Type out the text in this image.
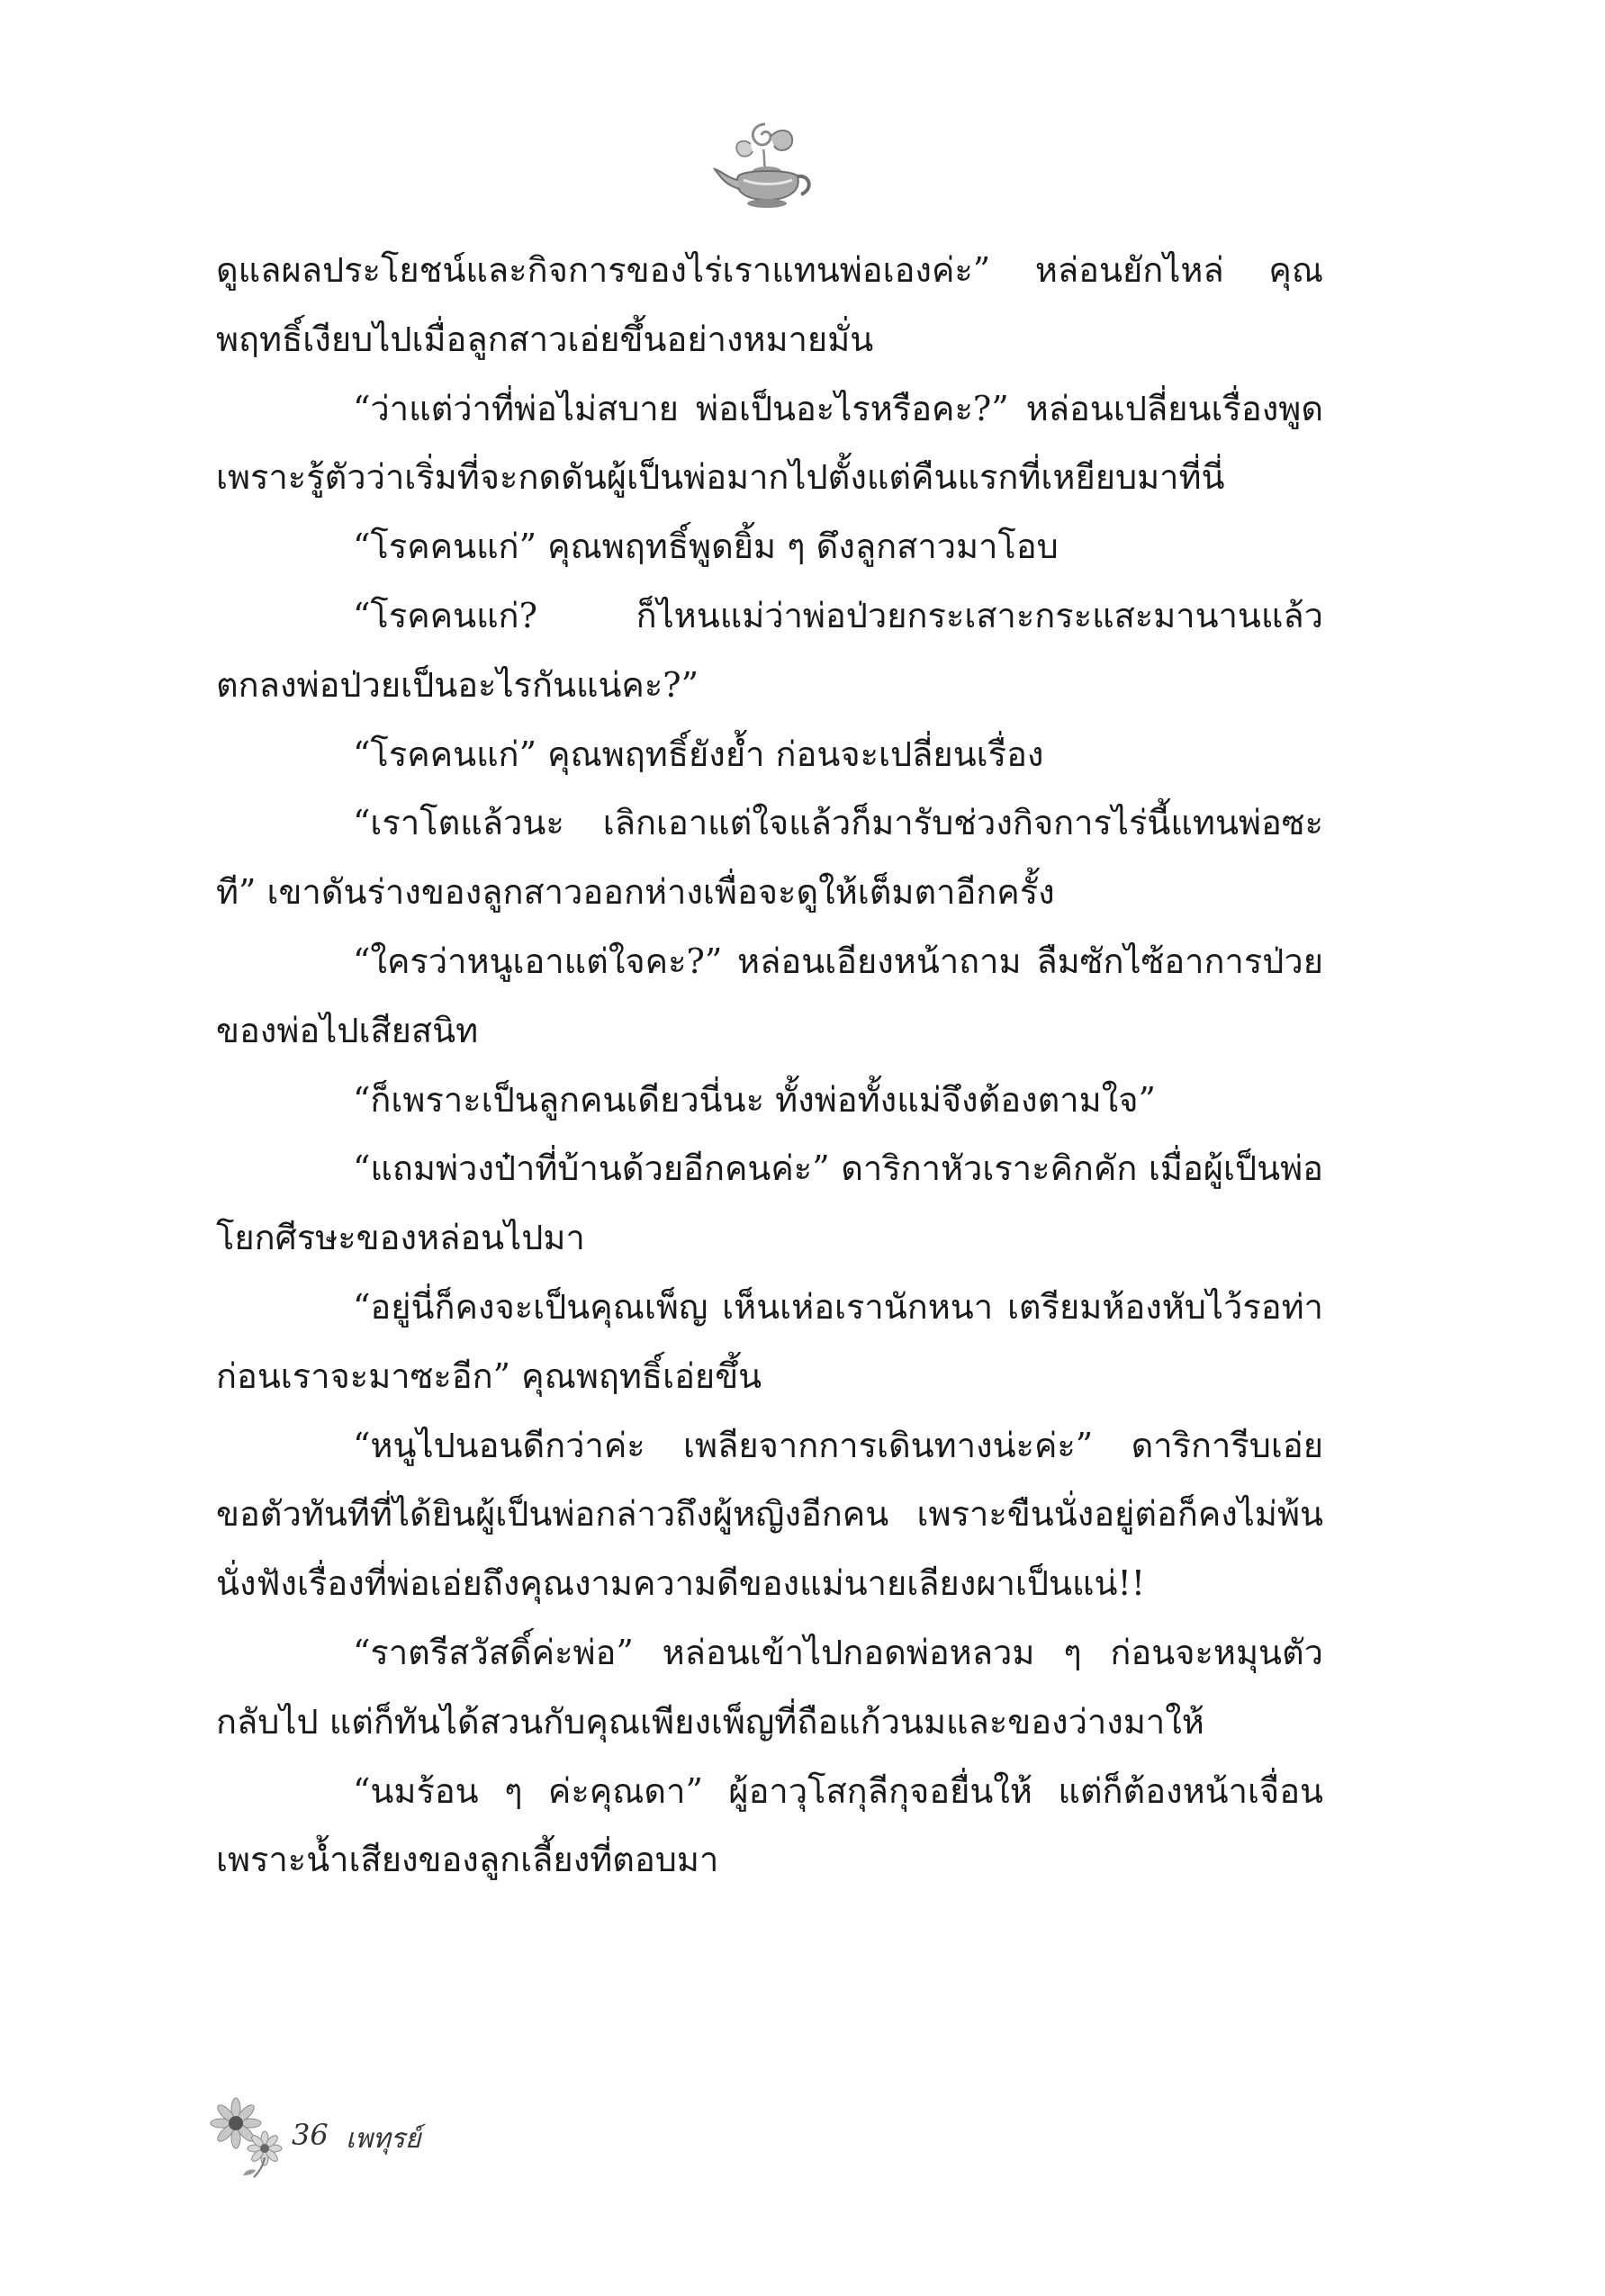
ดูแลผลประโยชน์และกิจการของไร่เราแทนพ่อเองค่ะ” หล่อนยักไหล่ คุณพฤทธิ์เงียบไปเมื่อลูกสาวเอ่ยขึ้นอย่างหมายมั่น

“ว่าแต่ว่าที่พ่อไม่สบาย พ่อเป็นอะไรหรือคะ?” หล่อนเปลี่ยนเรื่องพูดเพราะรู้ตัวว่าเริ่มที่จะกดดันผู้เป็นพ่อมากไปตั้งแต่คืนแรกที่เหยียบมาที่นี่

“โรคคนแก่” คุณพฤทธิ์พูดยิ้ม ๆ ดึงลูกสาวมาโอบ

“โรคคนแก่? ก็ไหนแม่ว่าพ่อป่วยกระเสาะกระแสะมานานแล้ว ตกลงพ่อป่วยเป็นอะไรกันแน่คะ?”

“โรคคนแก่” คุณพฤทธิ์ยังย้ำ ก่อนจะเปลี่ยนเรื่อง

“เราโตแล้วนะ เลิกเอาแต่ใจแล้วก็มารับช่วงกิจการไร่นี้แทนพ่อซะที” เขาดันร่างของลูกสาวออกห่างเพื่อจะดูให้เต็มตาอีกครั้ง

“ใครว่าหนูเอาแต่ใจคะ?” หล่อนเอียงหน้าถาม ลืมซักไซ้อาการป่วยของพ่อไปเสียสนิท

“ก็เพราะเป็นลูกคนเดียวนี่นะ ทั้งพ่อทั้งแม่จึงต้องตามใจ”

“แถมพ่วงป๋าที่บ้านด้วยอีกคนค่ะ” ดาริกาหัวเราะคิกคัก เมื่อผู้เป็นพ่อโยกศีรษะของหล่อนไปมา

“อยู่นี่ก็คงจะเป็นคุณเพ็ญ เห็นเห่อเรานักหนา เตรียมห้องหับไว้รอท่าก่อนเราจะมาซะอีก” คุณพฤทธิ์เอ่ยขึ้น

“หนูไปนอนดีกว่าค่ะ เพลียจากการเดินทางน่ะค่ะ” ดาริการีบเอ่ยขอตัวทันทีที่ได้ยินผู้เป็นพ่อกล่าวถึงผู้หญิงอีกคน เพราะขืนนั่งอยู่ต่อก็คงไม่พ้นนั่งฟังเรื่องที่พ่อเอ่ยถึงคุณงามความดีของแม่นายเลียงผาเป็นแน่!!

“ราตรีสวัสดิ์ค่ะพ่อ” หล่อนเข้าไปกอดพ่อหลวม ๆ ก่อนจะหมุนตัวกลับไป แต่ก็ทันได้สวนกับคุณเพียงเพ็ญที่ถือแก้วนมและของว่างมาให้

“นมร้อน ๆ ค่ะคุณดา” ผู้อาวุโสกุลีกุจอยื่นให้ แต่ก็ต้องหน้าเจื่อนเพราะน้ำเสียงของลูกเลี้ยงที่ตอบมา

36 เพทุรย์
